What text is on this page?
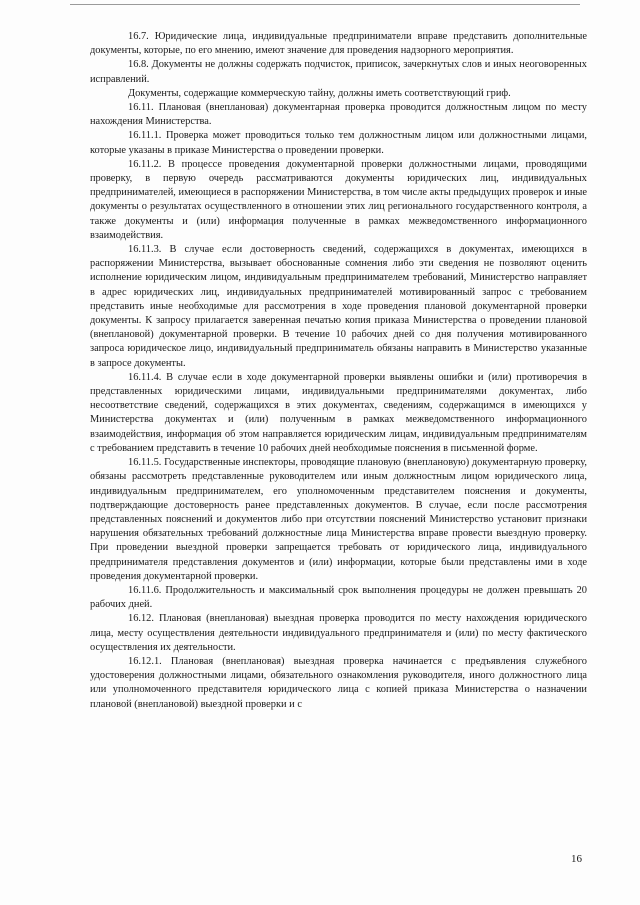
16.7. Юридические лица, индивидуальные предприниматели вправе представить дополнительные документы, которые, по его мнению, имеют значение для проведения надзорного мероприятия.

16.8. Документы не должны содержать подчисток, приписок, зачеркнутых слов и иных неоговоренных исправлений.

Документы, содержащие коммерческую тайну, должны иметь соответствующий гриф.

16.11. Плановая (внеплановая) документарная проверка проводится должностным лицом по месту нахождения Министерства.

16.11.1. Проверка может проводиться только тем должностным лицом или должностными лицами, которые указаны в приказе Министерства о проведении проверки.

16.11.2. В процессе проведения документарной проверки должностными лицами, проводящими проверку, в первую очередь рассматриваются документы юридических лиц, индивидуальных предпринимателей, имеющиеся в распоряжении Министерства, в том числе акты предыдущих проверок и иные документы о результатах осуществленного в отношении этих лиц регионального государственного контроля, а также документы и (или) информация полученные в рамках межведомственного информационного взаимодействия.

16.11.3. В случае если достоверность сведений, содержащихся в документах, имеющихся в распоряжении Министерства, вызывает обоснованные сомнения либо эти сведения не позволяют оценить исполнение юридическим лицом, индивидуальным предпринимателем требований, Министерство направляет в адрес юридических лиц, индивидуальных предпринимателей мотивированный запрос с требованием представить иные необходимые для рассмотрения в ходе проведения плановой документарной проверки документы. К запросу прилагается заверенная печатью копия приказа Министерства о проведении плановой (внеплановой) документарной проверки. В течение 10 рабочих дней со дня получения мотивированного запроса юридическое лицо, индивидуальный предприниматель обязаны направить в Министерство указанные в запросе документы.

16.11.4. В случае если в ходе документарной проверки выявлены ошибки и (или) противоречия в представленных юридическими лицами, индивидуальными предпринимателями документах, либо несоответствие сведений, содержащихся в этих документах, сведениям, содержащимся в имеющихся у Министерства документах и (или) полученным в рамках межведомственного информационного взаимодействия, информация об этом направляется юридическим лицам, индивидуальным предпринимателям с требованием представить в течение 10 рабочих дней необходимые пояснения в письменной форме.

16.11.5. Государственные инспекторы, проводящие плановую (внеплановую) документарную проверку, обязаны рассмотреть представленные руководителем или иным должностным лицом юридического лица, индивидуальным предпринимателем, его уполномоченным представителем пояснения и документы, подтверждающие достоверность ранее представленных документов. В случае, если после рассмотрения представленных пояснений и документов либо при отсутствии пояснений Министерство установит признаки нарушения обязательных требований должностные лица Министерства вправе провести выездную проверку. При проведении выездной проверки запрещается требовать от юридического лица, индивидуального предпринимателя представления документов и (или) информации, которые были представлены ими в ходе проведения документарной проверки.

16.11.6. Продолжительность и максимальный срок выполнения процедуры не должен превышать 20 рабочих дней.

16.12. Плановая (внеплановая) выездная проверка проводится по месту нахождения юридического лица, месту осуществления деятельности индивидуального предпринимателя и (или) по месту фактического осуществления их деятельности.

16.12.1. Плановая (внеплановая) выездная проверка начинается с предъявления служебного удостоверения должностными лицами, обязательного ознакомления руководителя, иного должностного лица или уполномоченного представителя юридического лица с копией приказа Министерства о назначении плановой (внеплановой) выездной проверки и с

16
